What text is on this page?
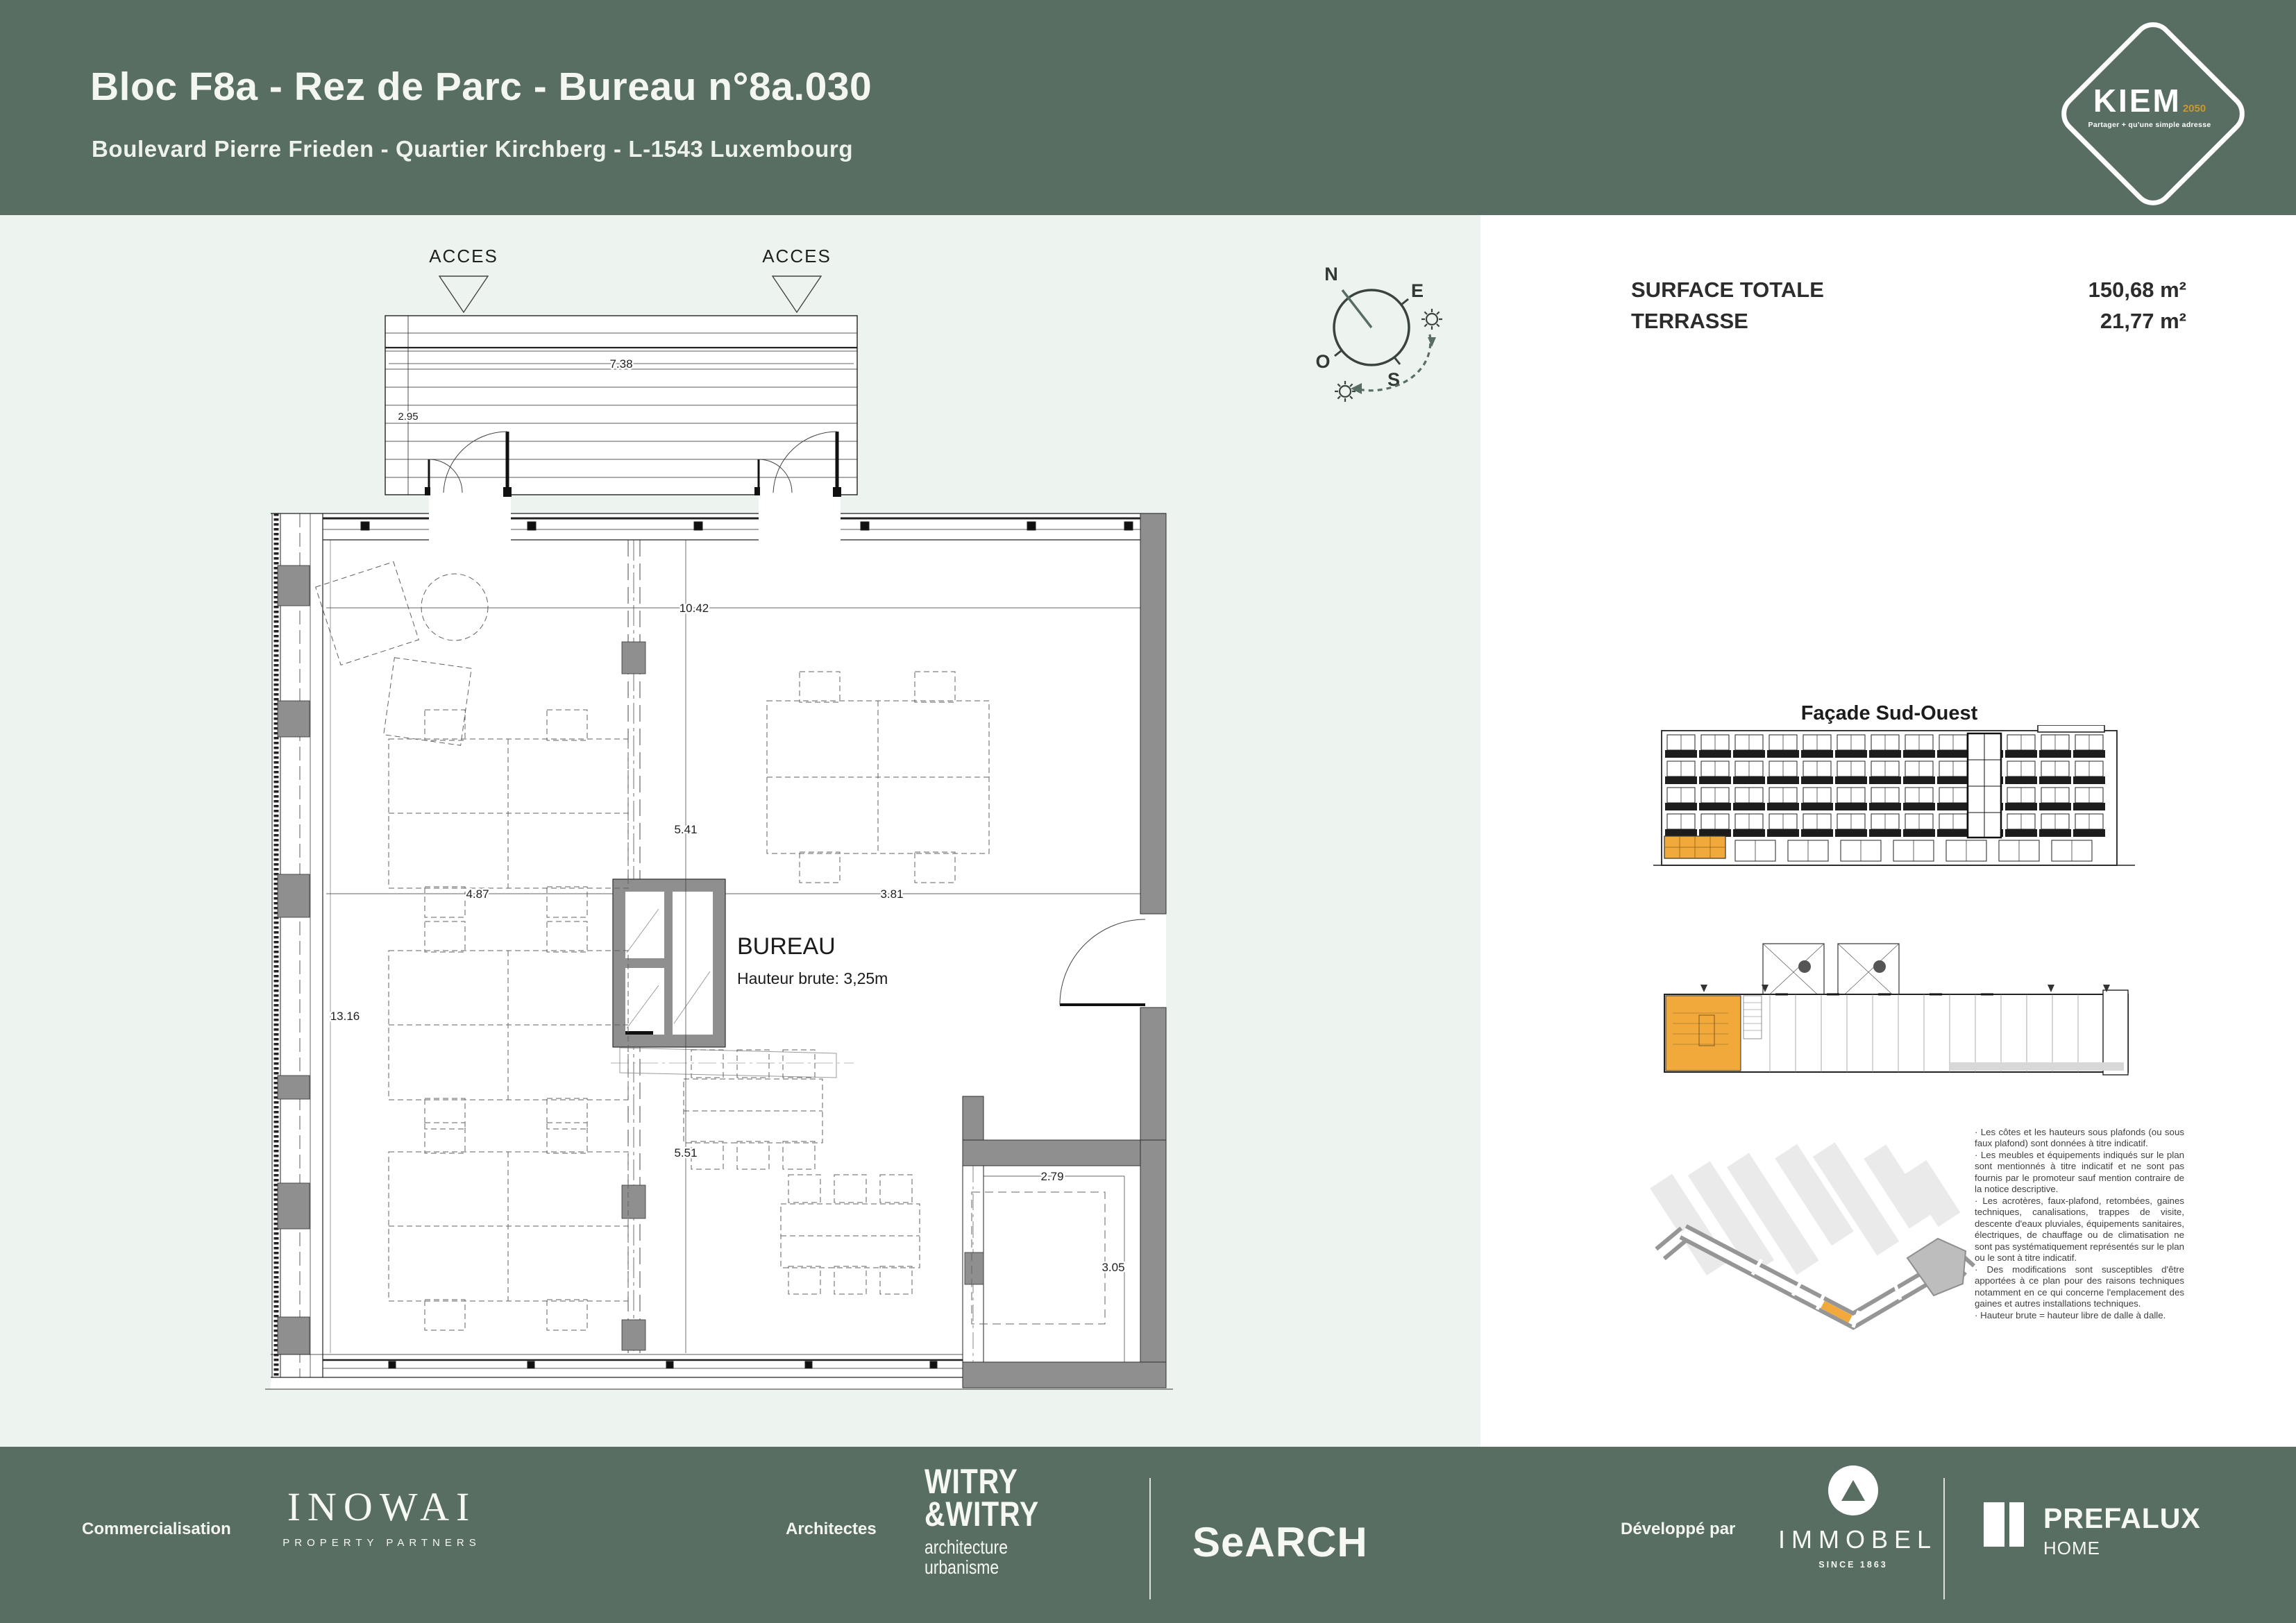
Bloc F8a - Rez de Parc - Bureau n°8a.030
Boulevard Pierre Frieden - Quartier Kirchberg - L-1543 Luxembourg
KIEM 2050
Partager + qu'une simple adresse
ACCES	ACCES
7.38
2.95
10.42
5.41
4.87	3.81
13.16
5.51
2.79
3.05
BUREAU
Hauteur brute: 3,25m
N
E
O
S
SURFACE TOTALE	150,68 m²
TERRASSE	21,77 m²
Façade Sud-Ouest

· Les côtes et les hauteurs sous plafonds (ou sous faux plafond) sont données à titre indicatif.

· Les meubles et équipements indiqués sur le plan sont mentionnés à titre indicatif et ne sont pas fournis par le promoteur sauf mention contraire de la notice descriptive.

· Les acrotères, faux-plafond, retombées, gaines techniques, canalisations, trappes de visite, descente d'eaux pluviales, équipements sanitaires, électriques, de chauffage ou de climatisation ne sont pas systématiquement représentés sur le plan ou le sont à titre indicatif.

· Des modifications sont susceptibles d'être apportées à ce plan pour des raisons techniques notamment en ce qui concerne l'emplacement des gaines et autres installations techniques.

· Hauteur brute = hauteur libre de dalle à dalle.

Commercialisation	INOWAI
PROPERTY PARTNERS
Architectes
WITRY
&WITRY
architecture
urbanisme
SeARCH	Développé par IMMOBEL
SINCE 1863
PREFALUX
HOME
